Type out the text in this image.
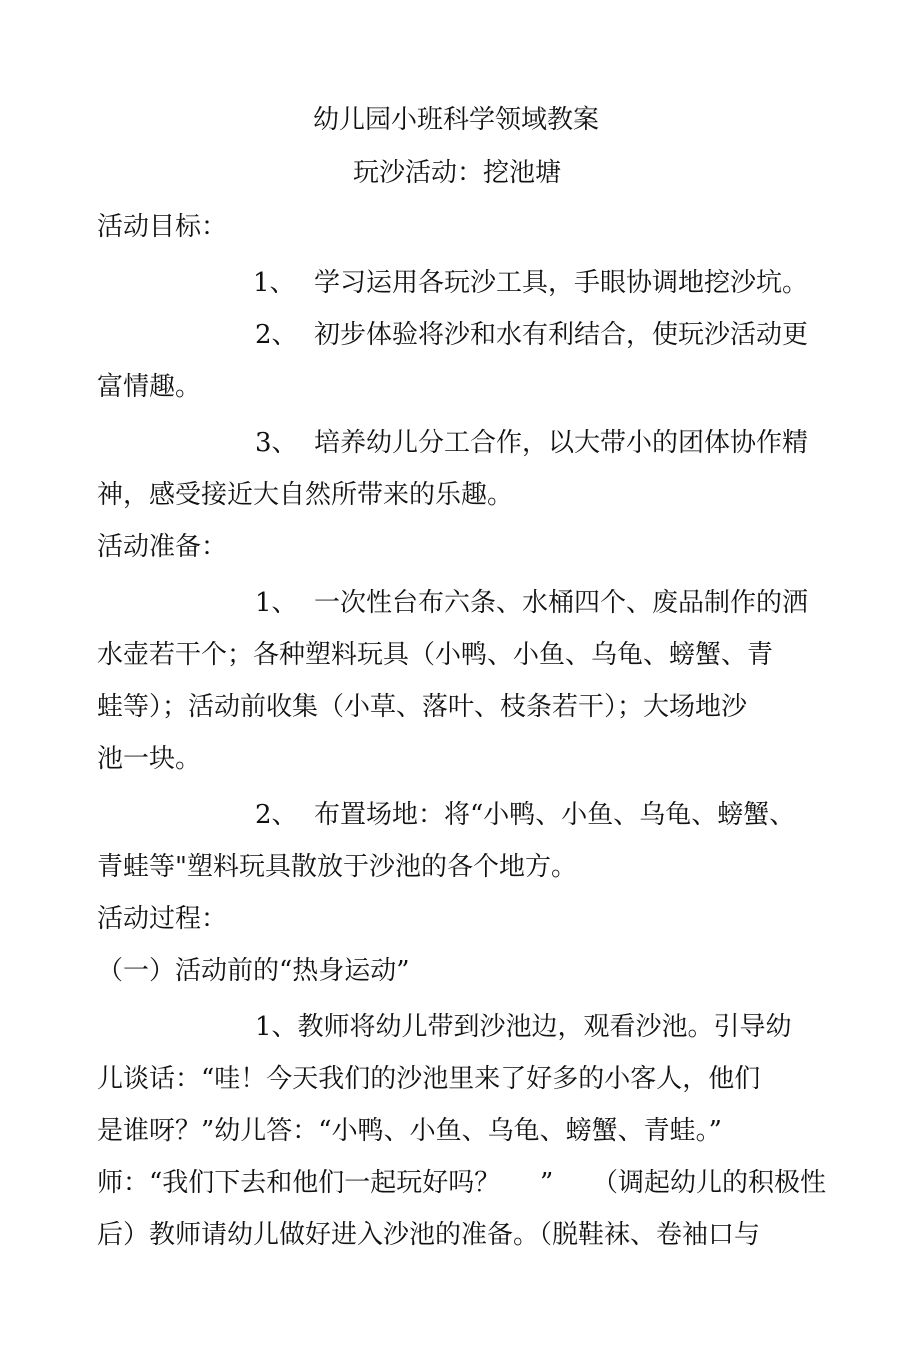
幼儿园小班科学领域教案
玩沙活动：挖池塘
活动目标：
1、 学习运用各玩沙工具，手眼协调地挖沙坑。
2、 初步体验将沙和水有利结合，使玩沙活动更
富情趣。
3、 培养幼儿分工合作，以大带小的团体协作精
神，感受接近大自然所带来的乐趣。
活动准备：
1、 一次性台布六条、水桶四个、废品制作的洒
水壶若干个；各种塑料玩具（小鸭、小鱼、乌龟、螃蟹、青
蛙等）；活动前收集（小草、落叶、枝条若干）；大场地沙
池一块。
2、 布置场地：将“小鸭、小鱼、乌龟、螃蟹、
青蛙等"塑料玩具散放于沙池的各个地方。
活动过程：
（一）活动前的“热身运动”
1、教师将幼儿带到沙池边，观看沙池。引导幼
儿谈话：“哇！今天我们的沙池里来了好多的小客人，他们
是谁呀？”幼儿答：“小鸭、小鱼、乌龟、螃蟹、青蛙。”
师：“我们下去和他们一起玩好吗？ ” （调起幼儿的积极性
后）教师请幼儿做好进入沙池的准备。（脱鞋袜、卷袖口与
